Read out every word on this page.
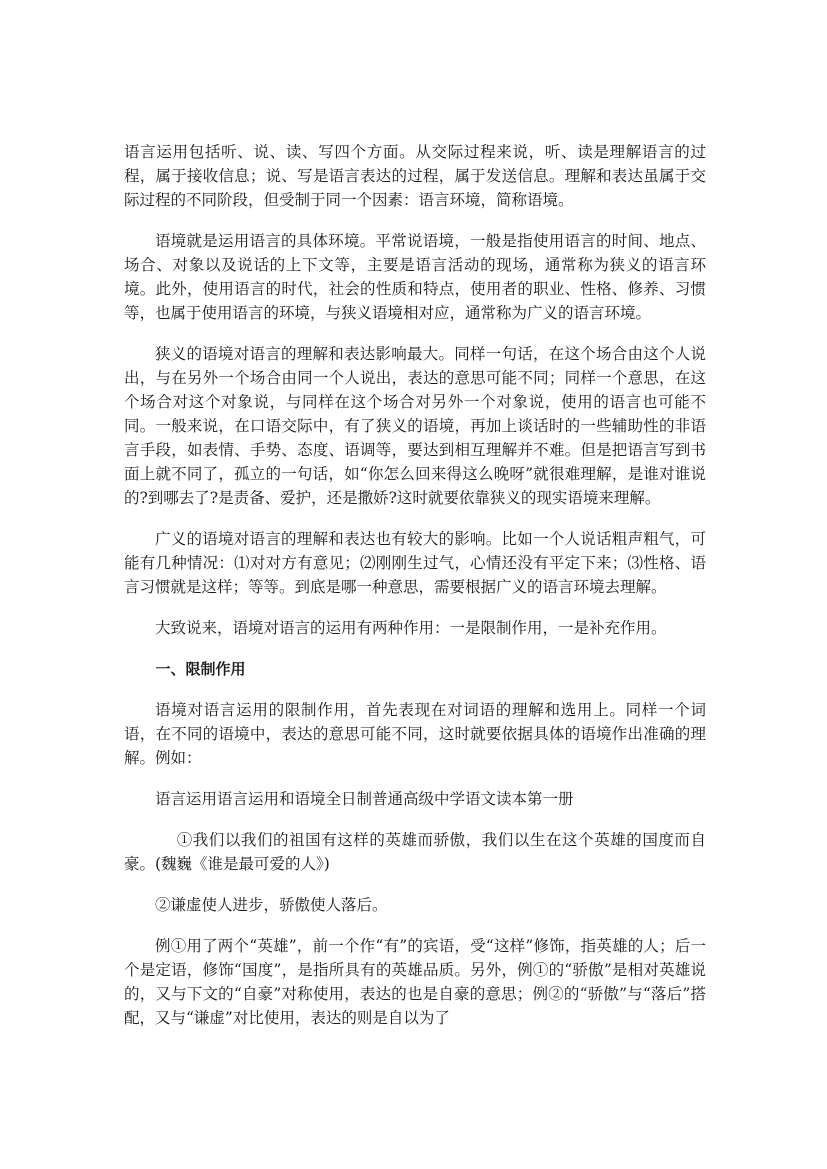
语言运用包括听、说、读、写四个方面。从交际过程来说，听、读是理解语言的过程，属于接收信息；说、写是语言表达的过程，属于发送信息。理解和表达虽属于交际过程的不同阶段，但受制于同一个因素：语言环境，简称语境。

语境就是运用语言的具体环境。平常说语境，一般是指使用语言的时间、地点、场合、对象以及说话的上下文等，主要是语言活动的现场，通常称为狭义的语言环境。此外，使用语言的时代，社会的性质和特点，使用者的职业、性格、修养、习惯等，也属于使用语言的环境，与狭义语境相对应，通常称为广义的语言环境。

狭义的语境对语言的理解和表达影响最大。同样一句话，在这个场合由这个人说出，与在另外一个场合由同一个人说出，表达的意思可能不同；同样一个意思，在这个场合对这个对象说，与同样在这个场合对另外一个对象说，使用的语言也可能不同。一般来说，在口语交际中，有了狭义的语境，再加上谈话时的一些辅助性的非语言手段，如表情、手势、态度、语调等，要达到相互理解并不难。但是把语言写到书面上就不同了，孤立的一句话，如“你怎么回来得这么晚呀”就很难理解，是谁对谁说的?到哪去了?是责备、爱护，还是撒娇?这时就要依靠狭义的现实语境来理解。

广义的语境对语言的理解和表达也有较大的影响。比如一个人说话粗声粗气，可能有几种情况：⑴对对方有意见；⑵刚刚生过气，心情还没有平定下来；⑶性格、语言习惯就是这样；等等。到底是哪一种意思，需要根据广义的语言环境去理解。

大致说来，语境对语言的运用有两种作用：一是限制作用，一是补充作用。

一、限制作用

语境对语言运用的限制作用，首先表现在对词语的理解和选用上。同样一个词语，在不同的语境中，表达的意思可能不同，这时就要依据具体的语境作出准确的理解。例如：

语言运用语言运用和语境全日制普通高级中学语文读本第一册

①我们以我们的祖国有这样的英雄而骄傲，我们以生在这个英雄的国度而自豪。(魏巍《谁是最可爱的人》)

②谦虚使人进步，骄傲使人落后。

例①用了两个“英雄”，前一个作“有”的宾语，受“这样”修饰，指英雄的人；后一个是定语，修饰“国度”，是指所具有的英雄品质。另外，例①的“骄傲”是相对英雄说的，又与下文的“自豪”对称使用，表达的也是自豪的意思；例②的“骄傲”与“落后”搭配，又与“谦虚”对比使用，表达的则是自以为了
